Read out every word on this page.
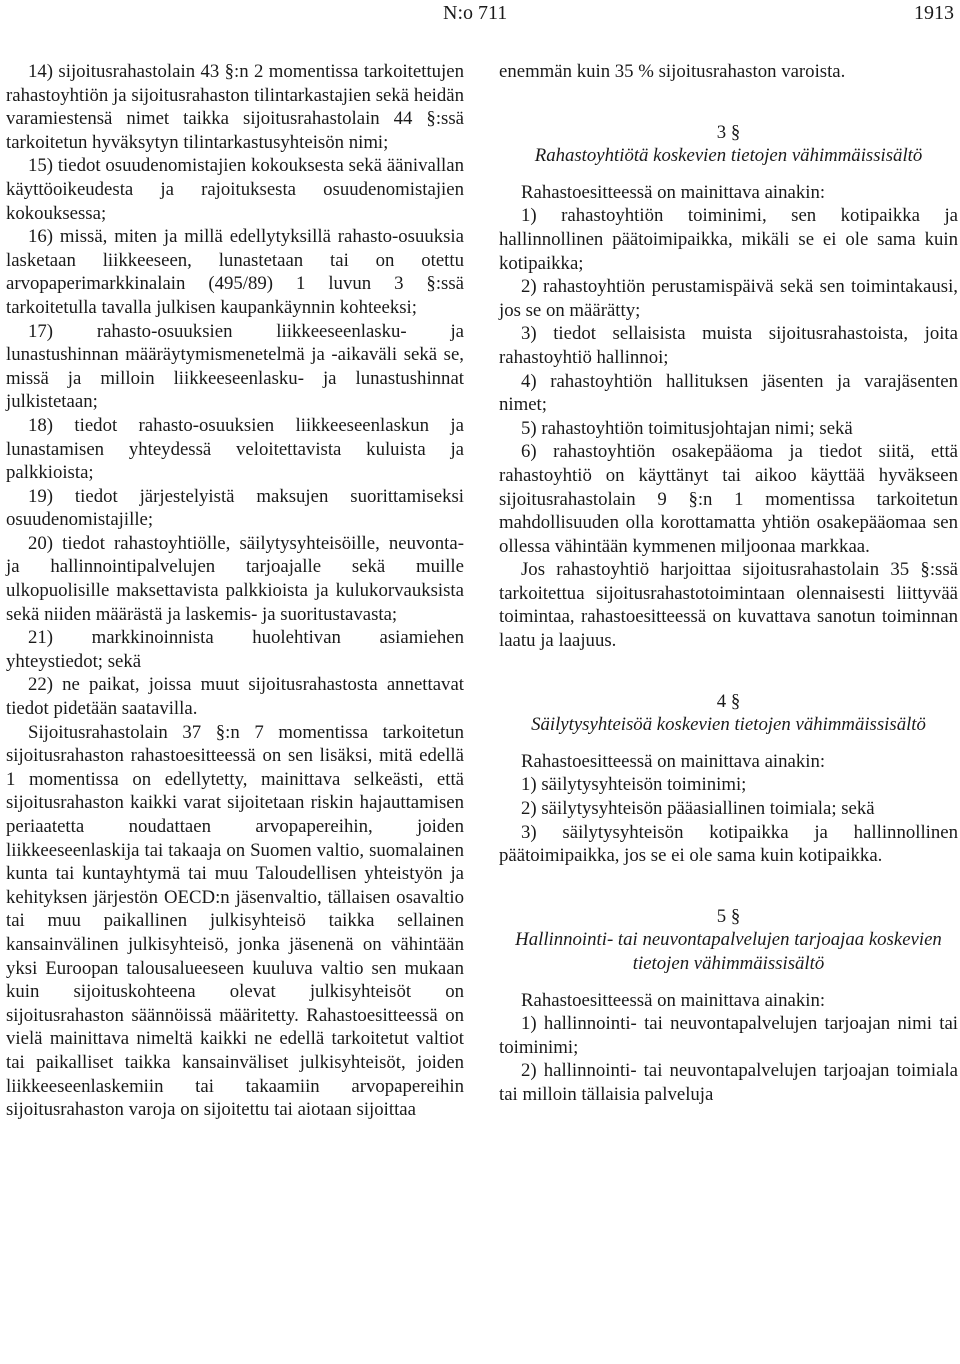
N:o 711	1913

14) sijoitusrahastolain 43 §:n 2 momentissa tarkoitettujen rahastoyhtiön ja sijoitusrahaston tilintarkastajien sekä heidän varamiestensä nimet taikka sijoitusrahastolain 44 §:ssä tarkoitetun hyväksytyn tilintarkastusyhteisön nimi;

15) tiedot osuudenomistajien kokouksesta sekä äänivallan käyttöoikeudesta ja rajoituksesta osuudenomistajien kokouksessa;

16) missä, miten ja millä edellytyksillä rahasto-osuuksia lasketaan liikkeeseen, lunastetaan tai on otettu arvopaperimarkkinalain (495/89) 1 luvun 3 §:ssä tarkoitetulla tavalla julkisen kaupankäynnin kohteeksi;

17) rahasto-osuuksien liikkeeseenlasku- ja lunastushinnan määräytymismenetelmä ja -aikaväli sekä se, missä ja milloin liikkeeseenlasku- ja lunastushinnat julkistetaan;

18) tiedot rahasto-osuuksien liikkeeseenlaskun ja lunastamisen yhteydessä veloitettavista kuluista ja palkkioista;

19) tiedot järjestelyistä maksujen suorittamiseksi osuudenomistajille;

20) tiedot rahastoyhtiölle, säilytysyhteisöille, neuvonta- ja hallinnointipalvelujen tarjoajalle sekä muille ulkopuolisille maksettavista palkkioista ja kulukorvauksista sekä niiden määrästä ja laskemis- ja suoritustavasta;

21) markkinoinnista huolehtivan asiamiehen yhteystiedot; sekä

22) ne paikat, joissa muut sijoitusrahastosta annettavat tiedot pidetään saatavilla.

Sijoitusrahastolain 37 §:n 7 momentissa tarkoitetun sijoitusrahaston rahastoesitteessä on sen lisäksi, mitä edellä 1 momentissa on edellytetty, mainittava selkeästi, että sijoitusrahaston kaikki varat sijoitetaan riskin hajauttamisen periaatetta noudattaen arvopapereihin, joiden liikkeeseenlaskija tai takaaja on Suomen valtio, suomalainen kunta tai kuntayhtymä tai muu Taloudellisen yhteistyön ja kehityksen järjestön OECD:n jäsenvaltio, tällaisen osavaltio tai muu paikallinen julkisyhteisö taikka sellainen kansainvälinen julkisyhteisö, jonka jäsenenä on vähintään yksi Euroopan talousalueeseen kuuluva valtio sen mukaan kuin sijoituskohteena olevat julkisyhteisöt on sijoitusrahaston säännöissä määritetty. Rahastoesitteessä on vielä mainittava nimeltä kaikki ne edellä tarkoitetut valtiot tai paikalliset taikka kansainväliset julkisyhteisöt, joiden liikkeeseenlaskemiin tai takaamiin arvopapereihin sijoitusrahaston varoja on sijoitettu tai aiotaan sijoittaa

enemmän kuin 35 % sijoitusrahaston varoista.

3 §

Rahastoyhtiötä koskevien tietojen vähimmäissisältö

Rahastoesitteessä on mainittava ainakin:

1) rahastoyhtiön toiminimi, sen kotipaikka ja hallinnollinen päätoimipaikka, mikäli se ei ole sama kuin kotipaikka;

2) rahastoyhtiön perustamispäivä sekä sen toimintakausi, jos se on määrätty;

3) tiedot sellaisista muista sijoitusrahastoista, joita rahastoyhtiö hallinnoi;

4) rahastoyhtiön hallituksen jäsenten ja varajäsenten nimet;

5) rahastoyhtiön toimitusjohtajan nimi; sekä

6) rahastoyhtiön osakepääoma ja tiedot siitä, että rahastoyhtiö on käyttänyt tai aikoo käyttää hyväkseen sijoitusrahastolain 9 §:n 1 momentissa tarkoitetun mahdollisuuden olla korottamatta yhtiön osakepääomaa sen ollessa vähintään kymmenen miljoonaa markkaa.

Jos rahastoyhtiö harjoittaa sijoitusrahastolain 35 §:ssä tarkoitettua sijoitusrahastotoimintaan olennaisesti liittyvää toimintaa, rahastoesitteessä on kuvattava sanotun toiminnan laatu ja laajuus.

4 §

Säilytysyhteisöä koskevien tietojen vähimmäissisältö

Rahastoesitteessä on mainittava ainakin:

1) säilytysyhteisön toiminimi;

2) säilytysyhteisön pääasiallinen toimiala; sekä

3) säilytysyhteisön kotipaikka ja hallinnollinen päätoimipaikka, jos se ei ole sama kuin kotipaikka.

5 §

Hallinnointi- tai neuvontapalvelujen tarjoajaa koskevien tietojen vähimmäissisältö

Rahastoesitteessä on mainittava ainakin:

1) hallinnointi- tai neuvontapalvelujen tarjoajan nimi tai toiminimi;

2) hallinnointi- tai neuvontapalvelujen tarjoajan toimiala tai milloin tällaisia palveluja
